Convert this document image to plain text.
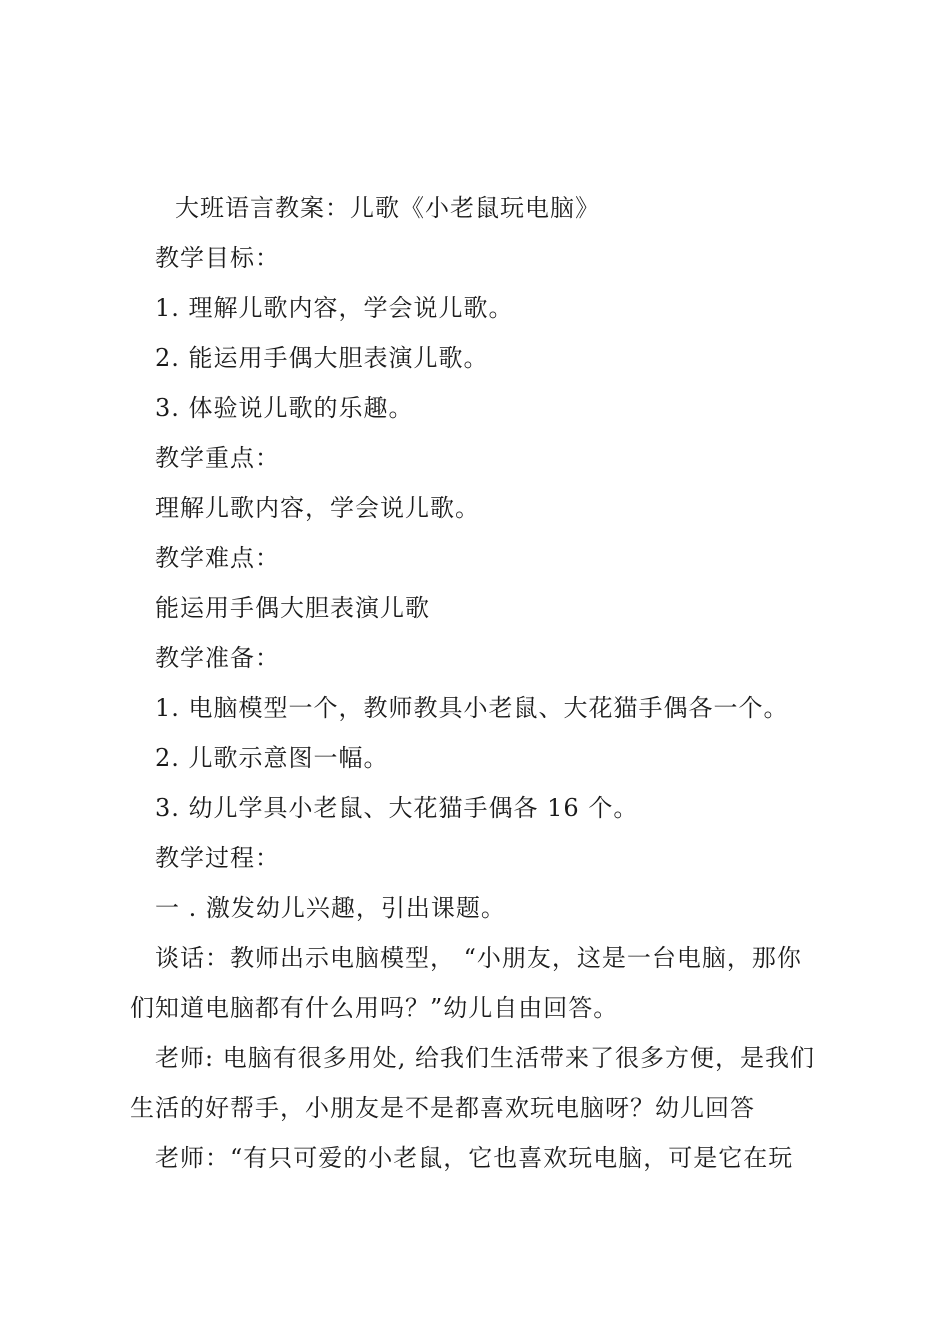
大班语言教案：儿歌《小老鼠玩电脑》
教学目标：
1. 理解儿歌内容，学会说儿歌。
2. 能运用手偶大胆表演儿歌。
3. 体验说儿歌的乐趣。
教学重点：
理解儿歌内容，学会说儿歌。
教学难点：
能运用手偶大胆表演儿歌
教学准备：
1. 电脑模型一个，教师教具小老鼠、大花猫手偶各一个。
2. 儿歌示意图一幅。
3. 幼儿学具小老鼠、大花猫手偶各 16 个。
教学过程：
一 . 激发幼儿兴趣，引出课题。
谈话：教师出示电脑模型， “小朋友，这是一台电脑，那你
们知道电脑都有什么用吗？”幼儿自由回答。
老师: 电脑有很多用处, 给我们生活带来了很多方便，是我们
生活的好帮手，小朋友是不是都喜欢玩电脑呀？幼儿回答
老师：“有只可爱的小老鼠，它也喜欢玩电脑，可是它在玩
